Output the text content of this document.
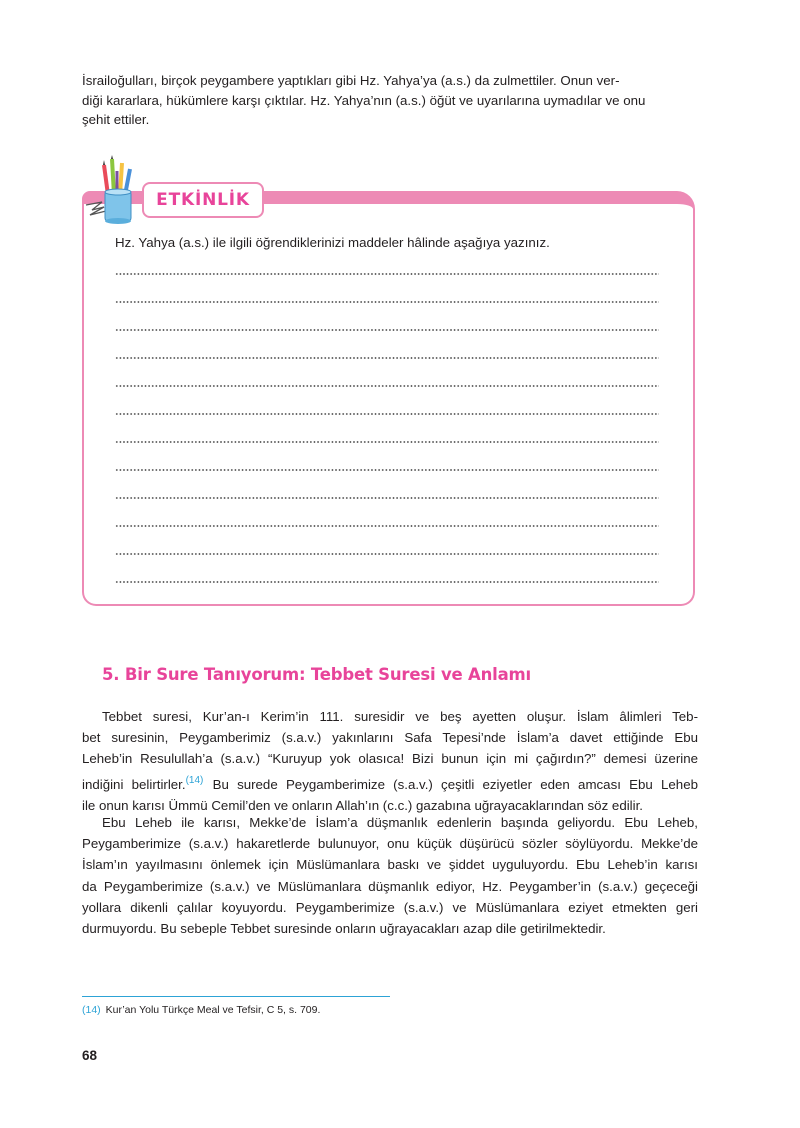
İsrailoğulları, birçok peygambere yaptıkları gibi Hz. Yahya’ya (a.s.) da zulmettiler. Onun ver-
diği kararlara, hükümlere karşı çıktılar. Hz. Yahya’nın (a.s.) öğüt ve uyarılarına uymadılar ve onu
şehit ettiler.

ETKİNLİK

Hz. Yahya (a.s.) ile ilgili öğrendiklerinizi maddeler hâlinde aşağıya yazınız.

5. Bir Sure Tanıyorum: Tebbet Suresi ve Anlamı

Tebbet suresi, Kur’an-ı Kerim’in 111. suresidir ve beş ayetten oluşur. İslam âlimleri Teb-
bet suresinin, Peygamberimiz (s.a.v.) yakınlarını Safa Tepesi’nde İslam’a davet ettiğinde Ebu
Leheb’in Resulullah’a (s.a.v.) “Kuruyup yok olasıca! Bizi bunun için mi çağırdın?” demesi üzerine
indiğini belirtirler.$^{(14)}$ Bu surede Peygamberimize (s.a.v.) çeşitli eziyetler eden amcası Ebu Leheb
ile onun karısı Ümmü Cemil’den ve onların Allah’ın (c.c.) gazabına uğrayacaklarından söz edilir.

Ebu Leheb ile karısı, Mekke’de İslam’a düşmanlık edenlerin başında geliyordu. Ebu Leheb,
Peygamberimize (s.a.v.) hakaretlerde bulunuyor, onu küçük düşürücü sözler söylüyordu. Mekke’de
İslam’ın yayılmasını önlemek için Müslümanlara baskı ve şiddet uyguluyordu. Ebu Leheb’in karısı
da Peygamberimize (s.a.v.) ve Müslümanlara düşmanlık ediyor, Hz. Peygamber’in (s.a.v.) geçeceği
yollara dikenli çalılar koyuyordu. Peygamberimize (s.a.v.) ve Müslümanlara eziyet etmekten geri
durmuyordu. Bu sebeple Tebbet suresinde onların uğrayacakları azap dile getirilmektedir.

(14) Kur’an Yolu Türkçe Meal ve Tefsir, C 5, s. 709.

68
